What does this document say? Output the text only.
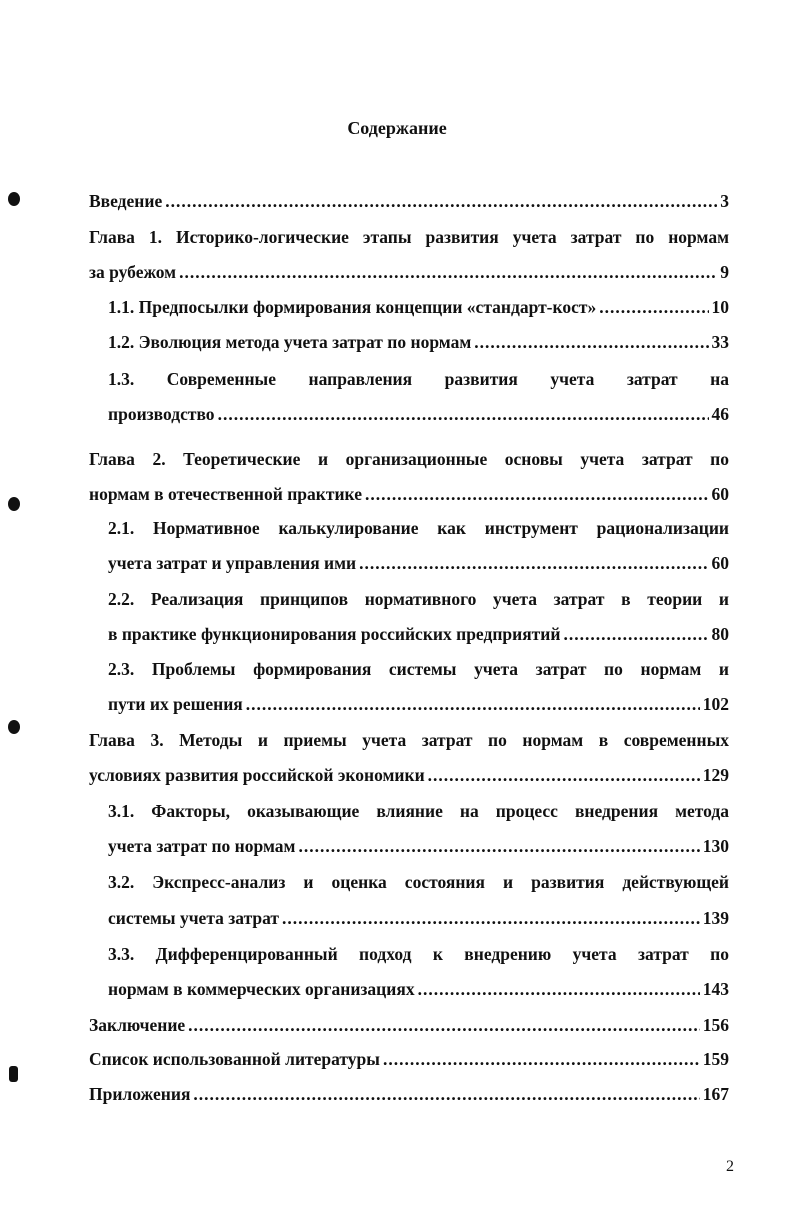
Содержание
Введение .....	3
Глава 1. Историко-логические этапы развития учета затрат по нормам
за рубежом .....	9
1.1. Предпосылки формирования концепции «стандарт-кост» .....	10
1.2. Эволюция метода учета затрат по нормам .....	33
1.3. Современные направления развития учета затрат на
производство .....	46
Глава 2. Теоретические и организационные основы учета затрат по
нормам в отечественной практике .....	60
2.1. Нормативное калькулирование как инструмент рационализации
учета затрат и управления ими .....	60
2.2. Реализация принципов нормативного учета затрат в теории и
в практике функционирования российских предприятий .....	80
2.3. Проблемы формирования системы учета затрат по нормам и
пути их решения .....	102
Глава 3. Методы и приемы учета затрат по нормам в современных
условиях развития российской экономики .....	129
3.1. Факторы, оказывающие влияние на процесс внедрения метода
учета затрат по нормам .....	130
3.2. Экспресс-анализ и оценка состояния и развития действующей
системы учета затрат .....	139
3.3. Дифференцированный подход к внедрению учета затрат по
нормам в коммерческих организациях .....	143
Заключение .....	156
Список использованной литературы .....	159
Приложения .....	167
2
